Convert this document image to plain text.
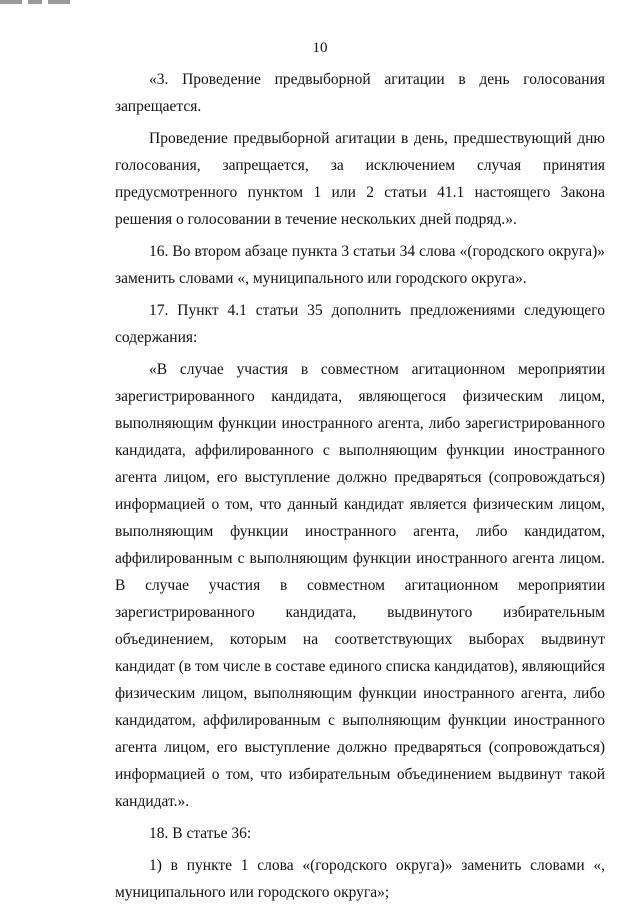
10

«3. Проведение предвыборной агитации в день голосования запрещается.

Проведение предвыборной агитации в день, предшествующий дню голосования, запрещается, за исключением случая принятия предусмотренного пунктом 1 или 2 статьи 41.1 настоящего Закона решения о голосовании в течение нескольких дней подряд.».

16. Во втором абзаце пункта 3 статьи 34 слова «(городского округа)» заменить словами «, муниципального или городского округа».

17. Пункт 4.1 статьи 35 дополнить предложениями следующего содержания:

«В случае участия в совместном агитационном мероприятии зарегистрированного кандидата, являющегося физическим лицом, выполняющим функции иностранного агента, либо зарегистрированного кандидата, аффилированного с выполняющим функции иностранного агента лицом, его выступление должно предваряться (сопровождаться) информацией о том, что данный кандидат является физическим лицом, выполняющим функции иностранного агента, либо кандидатом, аффилированным с выполняющим функции иностранного агента лицом. В случае участия в совместном агитационном мероприятии зарегистрированного кандидата, выдвинутого избирательным объединением, которым на соответствующих выборах выдвинут кандидат (в том числе в составе единого списка кандидатов), являющийся физическим лицом, выполняющим функции иностранного агента, либо кандидатом, аффилированным с выполняющим функции иностранного агента лицом, его выступление должно предваряться (сопровождаться) информацией о том, что избирательным объединением выдвинут такой кандидат.».

18. В статье 36:

1) в пункте 1 слова «(городского округа)» заменить словами «, муниципального или городского округа»;
